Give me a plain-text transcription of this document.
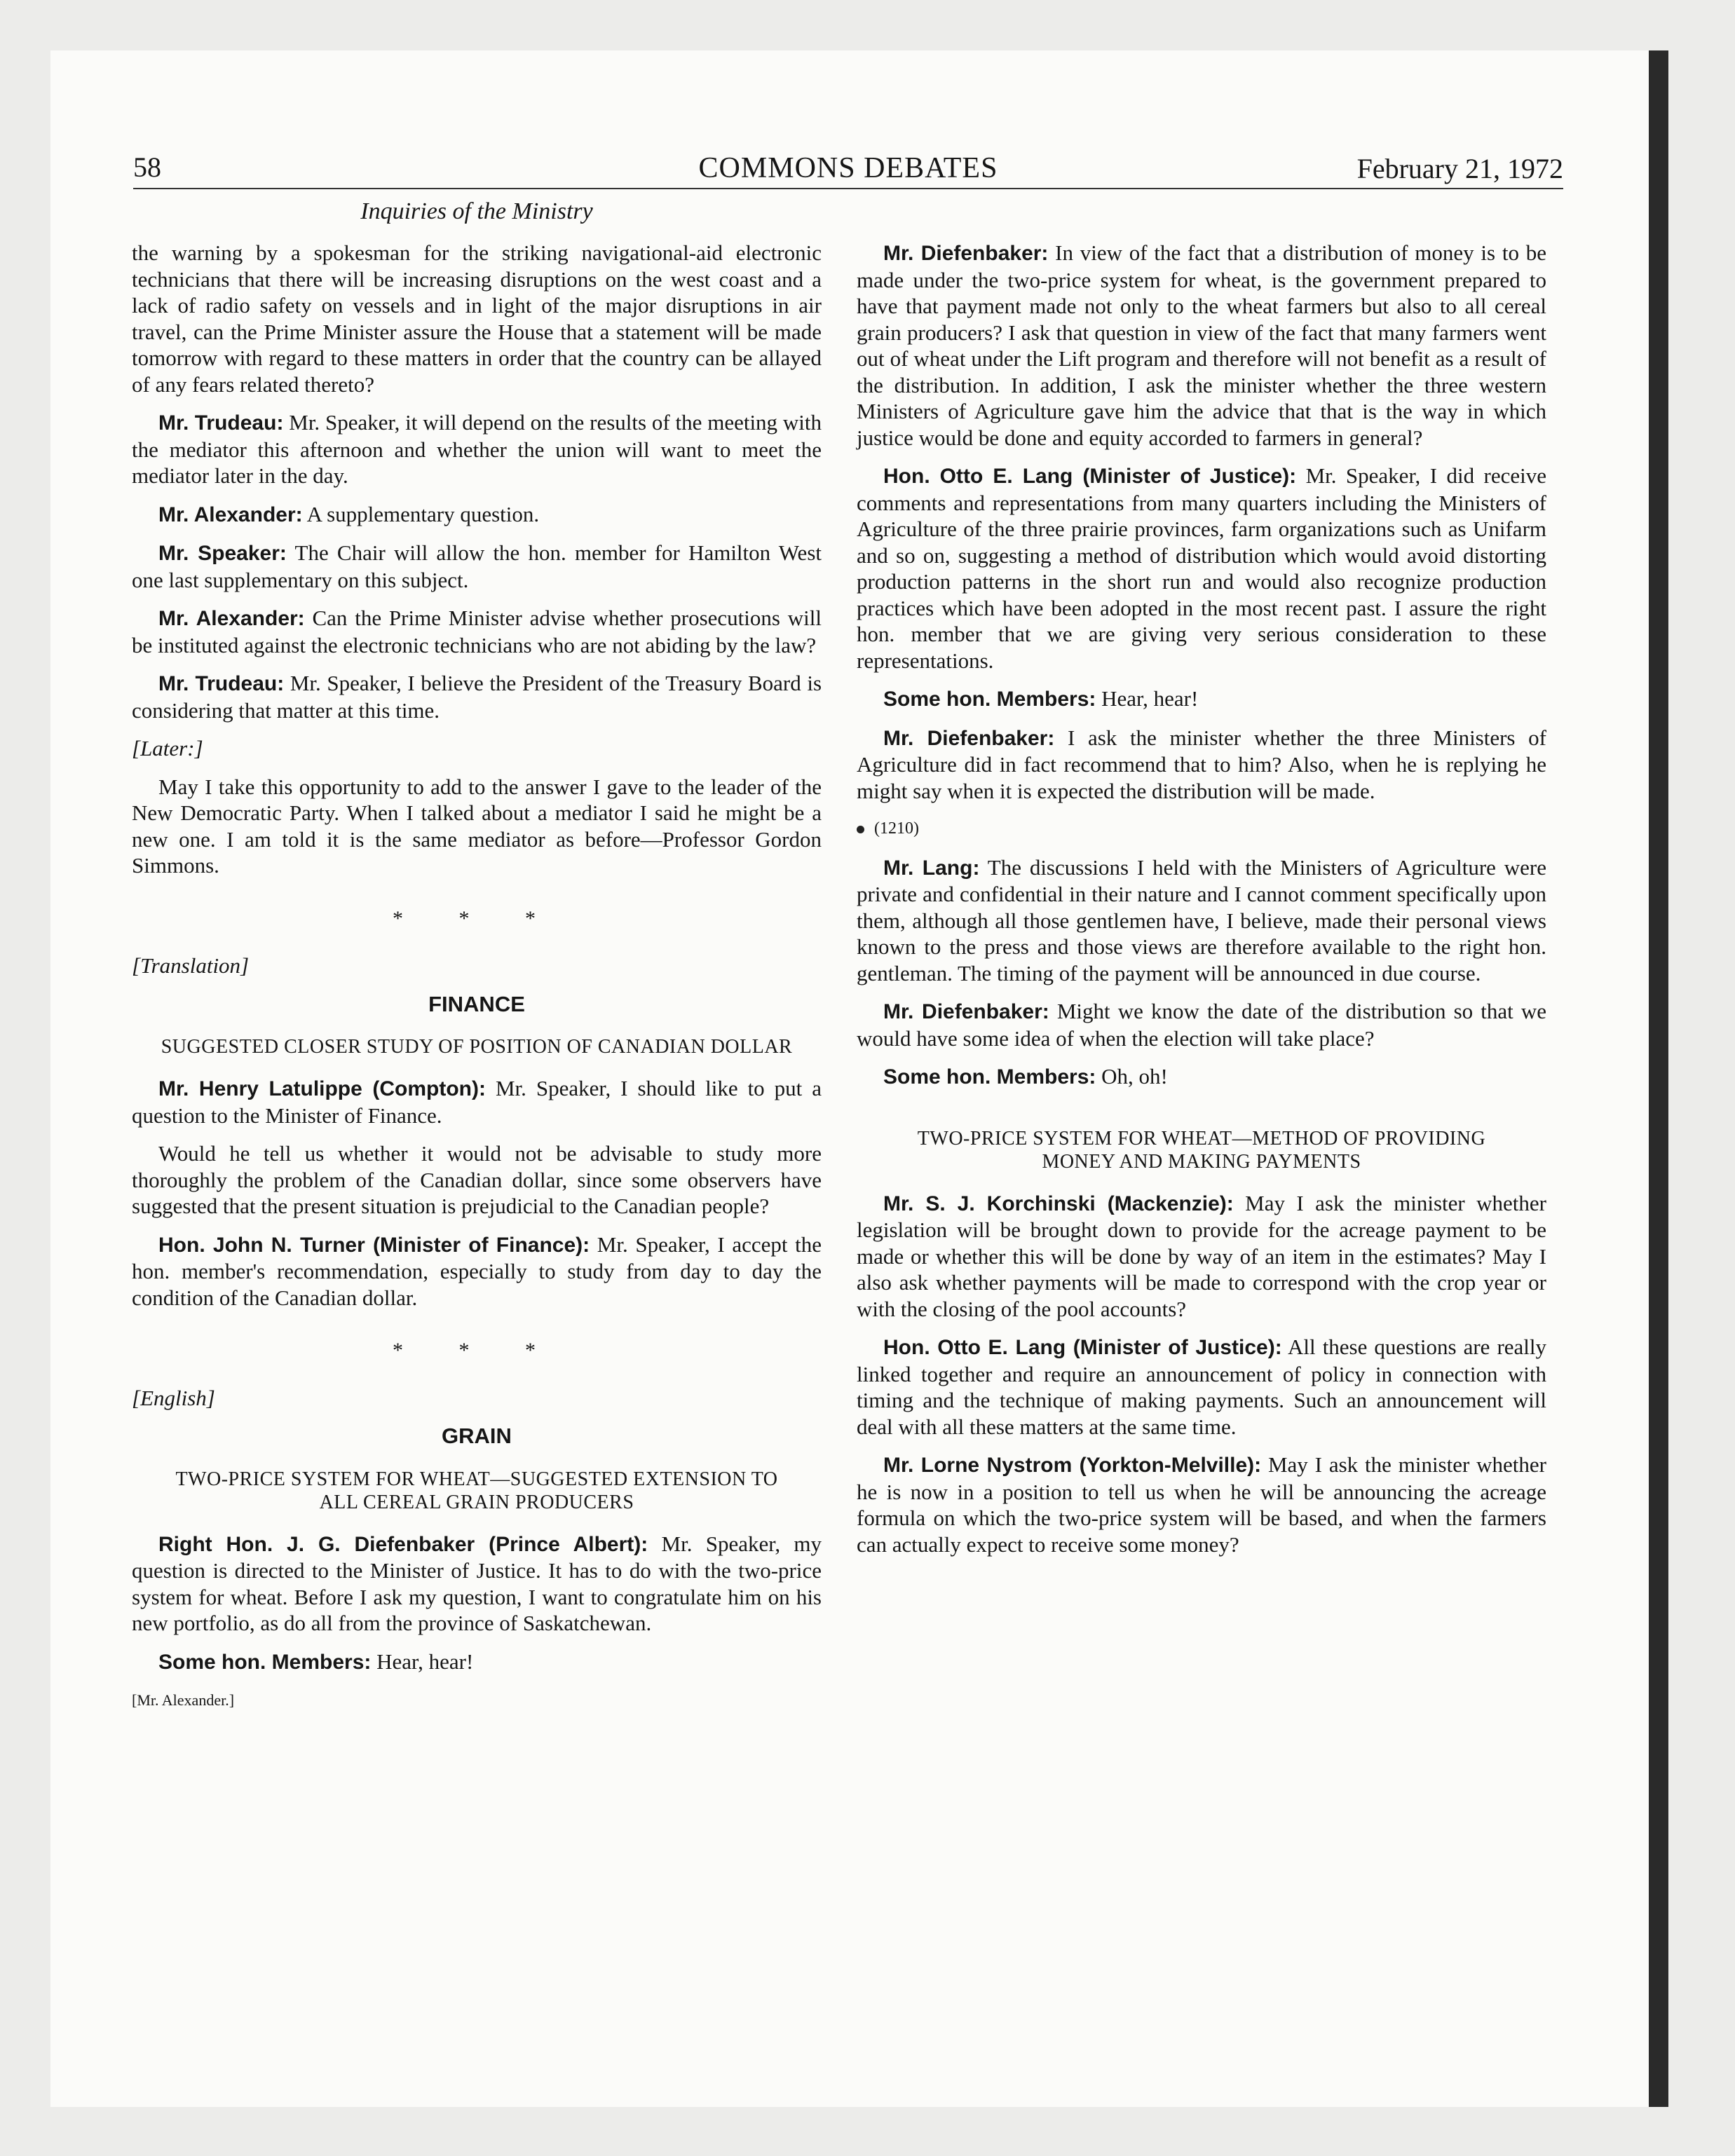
58	COMMONS DEBATES	February 21, 1972
Inquiries of the Ministry

the warning by a spokesman for the striking navigational-aid electronic technicians that there will be increasing disruptions on the west coast and a lack of radio safety on vessels and in light of the major disruptions in air travel, can the Prime Minister assure the House that a statement will be made tomorrow with regard to these matters in order that the country can be allayed of any fears related thereto?

Mr. Trudeau: Mr. Speaker, it will depend on the results of the meeting with the mediator this afternoon and whether the union will want to meet the mediator later in the day.

Mr. Alexander: A supplementary question.

Mr. Speaker: The Chair will allow the hon. member for Hamilton West one last supplementary on this subject.

Mr. Alexander: Can the Prime Minister advise whether prosecutions will be instituted against the electronic technicians who are not abiding by the law?

Mr. Trudeau: Mr. Speaker, I believe the President of the Treasury Board is considering that matter at this time.

[Later:]

May I take this opportunity to add to the answer I gave to the leader of the New Democratic Party. When I talked about a mediator I said he might be a new one. I am told it is the same mediator as before—Professor Gordon Simmons.

* * *

[Translation]

FINANCE
SUGGESTED CLOSER STUDY OF POSITION OF CANADIAN DOLLAR

Mr. Henry Latulippe (Compton): Mr. Speaker, I should like to put a question to the Minister of Finance.

Would he tell us whether it would not be advisable to study more thoroughly the problem of the Canadian dollar, since some observers have suggested that the present situation is prejudicial to the Canadian people?

Hon. John N. Turner (Minister of Finance): Mr. Speaker, I accept the hon. member's recommendation, especially to study from day to day the condition of the Canadian dollar.

* * *

[English]

GRAIN
TWO-PRICE SYSTEM FOR WHEAT—SUGGESTED EXTENSION TO ALL CEREAL GRAIN PRODUCERS

Right Hon. J. G. Diefenbaker (Prince Albert): Mr. Speaker, my question is directed to the Minister of Justice. It has to do with the two-price system for wheat. Before I ask my question, I want to congratulate him on his new portfolio, as do all from the province of Saskatchewan.

Some hon. Members: Hear, hear!

[Mr. Alexander.]

Mr. Diefenbaker: In view of the fact that a distribution of money is to be made under the two-price system for wheat, is the government prepared to have that payment made not only to the wheat farmers but also to all cereal grain producers? I ask that question in view of the fact that many farmers went out of wheat under the Lift program and therefore will not benefit as a result of the distribution. In addition, I ask the minister whether the three western Ministers of Agriculture gave him the advice that that is the way in which justice would be done and equity accorded to farmers in general?

Hon. Otto E. Lang (Minister of Justice): Mr. Speaker, I did receive comments and representations from many quarters including the Ministers of Agriculture of the three prairie provinces, farm organizations such as Unifarm and so on, suggesting a method of distribution which would avoid distorting production patterns in the short run and would also recognize production practices which have been adopted in the most recent past. I assure the right hon. member that we are giving very serious consideration to these representations.

Some hon. Members: Hear, hear!

Mr. Diefenbaker: I ask the minister whether the three Ministers of Agriculture did in fact recommend that to him? Also, when he is replying he might say when it is expected the distribution will be made.

(1210)

Mr. Lang: The discussions I held with the Ministers of Agriculture were private and confidential in their nature and I cannot comment specifically upon them, although all those gentlemen have, I believe, made their personal views known to the press and those views are therefore available to the right hon. gentleman. The timing of the payment will be announced in due course.

Mr. Diefenbaker: Might we know the date of the distribution so that we would have some idea of when the election will take place?

Some hon. Members: Oh, oh!

TWO-PRICE SYSTEM FOR WHEAT—METHOD OF PROVIDING MONEY AND MAKING PAYMENTS

Mr. S. J. Korchinski (Mackenzie): May I ask the minister whether legislation will be brought down to provide for the acreage payment to be made or whether this will be done by way of an item in the estimates? May I also ask whether payments will be made to correspond with the crop year or with the closing of the pool accounts?

Hon. Otto E. Lang (Minister of Justice): All these questions are really linked together and require an announcement of policy in connection with timing and the technique of making payments. Such an announcement will deal with all these matters at the same time.

Mr. Lorne Nystrom (Yorkton-Melville): May I ask the minister whether he is now in a position to tell us when he will be announcing the acreage formula on which the two-price system will be based, and when the farmers can actually expect to receive some money?
